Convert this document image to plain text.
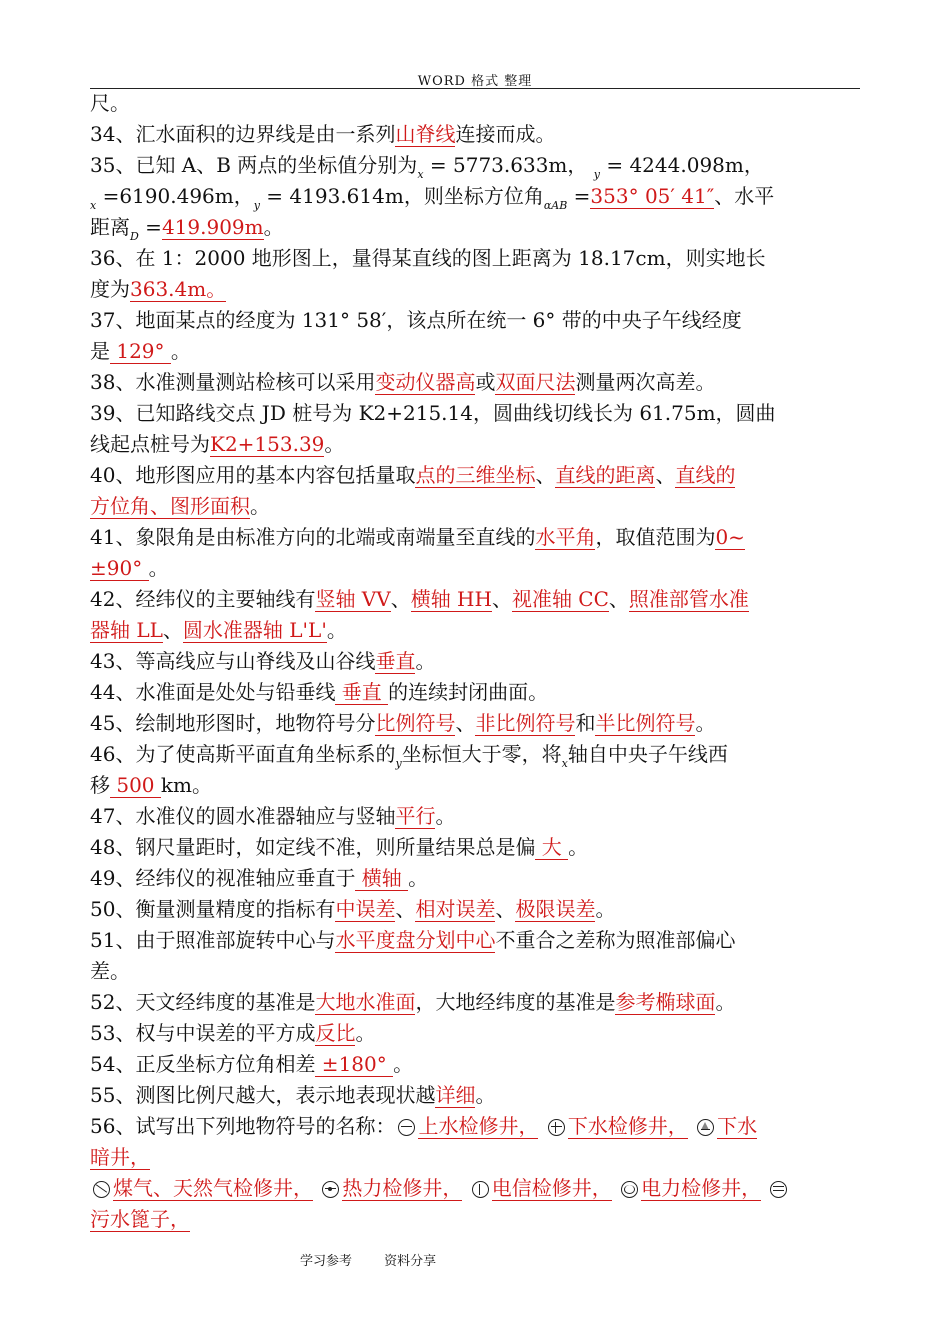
WORD 格式 整理
尺。
34、汇水面积的边界线是由一系列山脊线连接而成。
35、已知 A、B 两点的坐标值分别为$_x$ = 5773.633m， $_y$ = 4244.098m，
$_x$ =6190.496m，$_y$ = 4193.614m，则坐标方位角$_{\alpha AB}$ =353° 05′ 41″、水平
距离$_D$ =419.909m。
36、在 1：2000 地形图上，量得某直线的图上距离为 18.17cm，则实地长
度为363.4m。
37、地面某点的经度为 131° 58′，该点所在统一 6° 带的中央子午线经度
是 129° 。
38、水准测量测站检核可以采用变动仪器高或双面尺法测量两次高差。
39、已知路线交点 JD 桩号为 K2+215.14，圆曲线切线长为 61.75m，圆曲
线起点桩号为K2+153.39。
40、地形图应用的基本内容包括量取点的三维坐标、直线的距离、直线的
方位角、图形面积。
41、象限角是由标准方向的北端或南端量至直线的水平角，取值范围为0~
±90° 。
42、经纬仪的主要轴线有竖轴 VV、横轴 HH、视准轴 CC、照准部管水准
器轴 LL、圆水准器轴 L'L'。
43、等高线应与山脊线及山谷线垂直。
44、水准面是处处与铅垂线 垂直 的连续封闭曲面。
45、绘制地形图时，地物符号分比例符号、非比例符号和半比例符号。
46、为了使高斯平面直角坐标系的$_y$坐标恒大于零，将$_x$轴自中央子午线西
移 500 km。
47、水准仪的圆水准器轴应与竖轴平行。
48、钢尺量距时，如定线不准，则所量结果总是偏 大 。
49、经纬仪的视准轴应垂直于 横轴 。
50、衡量测量精度的指标有中误差、相对误差、极限误差。
51、由于照准部旋转中心与水平度盘分划中心不重合之差称为照准部偏心
差。
52、天文经纬度的基准是大地水准面，大地经纬度的基准是参考椭球面。
53、权与中误差的平方成反比。
54、正反坐标方位角相差 ±180° 。
55、测图比例尺越大，表示地表现状越详细。
56、试写出下列地物符号的名称： 上水检修井， 下水检修井， 下水
暗井，
煤气、天然气检修井， 热力检修井， 电信检修井， 电力检修井，
污水篦子，
学习参考 资料分享
